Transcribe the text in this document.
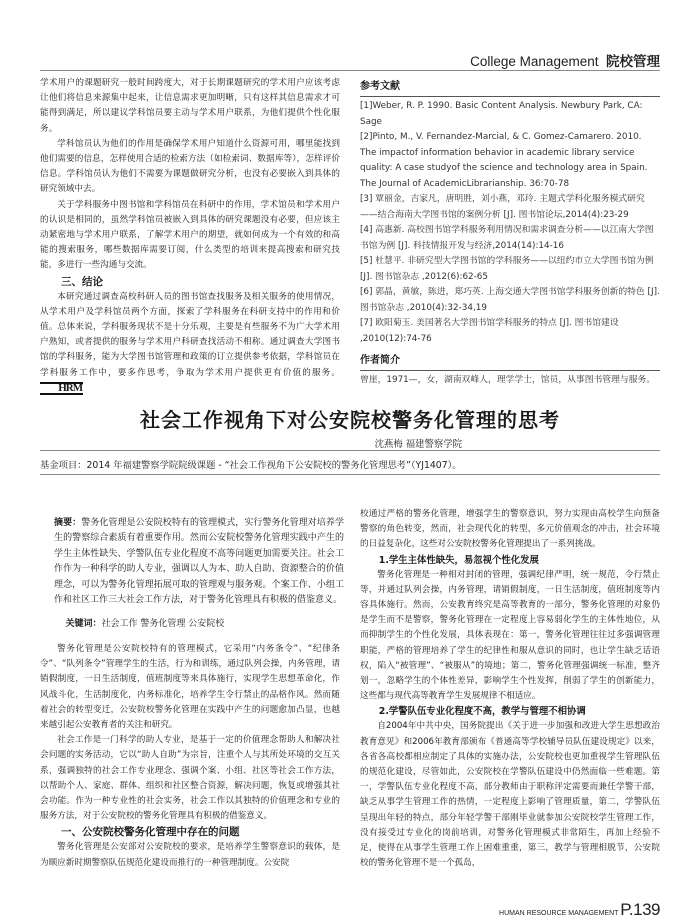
College Management 院校管理

学术用户的课题研究一般时间跨度大，对于长期课题研究的学术用户应该考虑让他们将信息来源集中起来，让信息需求更加明晰，只有这样其信息需求才可能得到满足，所以建议学科馆员要主动与学术用户联系，为他们提供个性化服务。

学科馆员认为他们的作用是确保学术用户知道什么资源可用，哪里能找到他们需要的信息，怎样使用合适的检索方法（如检索词、数据库等），怎样评价信息。学科馆员认为他们不需要为课题做研究分析，也没有必要嵌入到具体的研究领域中去。

关于学科服务中图书馆和学科馆员在科研中的作用，学术馆员和学术用户的认识是相同的，虽然学科馆员被嵌入到具体的研究课题没有必要，但应该主动紧密地与学术用户联系，了解学术用户的期望，就如何成为一个有效的和高能的搜索服务，哪些数据库需要订阅，什么类型的培训来提高搜索和研究技能，多进行一些沟通与交流。

三、结论

本研究通过调查高校科研人员的图书馆查找服务及相关服务的使用情况，从学术用户及学科馆员两个方面，探索了学科服务在科研支持中的作用和价值。总体来说，学科服务现状不是十分乐观，主要是有些服务不为广大学术用户熟知，或者提供的服务与学术用户科研查找活动不相称。通过调查大学图书馆的学科服务，能为大学图书馆管理和政策的订立提供参考依据，学科馆员在学科服务工作中，要多作思考，争取为学术用户提供更有价值的服务。 HRM

参考文献

[1]Weber, R. P. 1990. Basic Content Analysis. Newbury Park, CA: Sage

[2]Pinto, M., V. Fernandez-Marcial, & C. Gomez-Camarero. 2010. The impactof information behavior in academic library service quality: A case studyof the science and technology area in Spain. The Journal of AcademicLibrarianship. 36:70-78

[3] 覃丽金，吉家凡，唐明胜，刘小燕，邓玲. 主题式学科化服务模式研究——结合海南大学图书馆的案例分析 [J]. 图书馆论坛,2014(4):23-29

[4] 高惠新. 高校图书馆学科服务利用情况和需求调查分析——以江南大学图书馆为例 [J]. 科技情报开发与经济,2014(14):14-16

[5] 杜慧平. 非研究型大学图书馆的学科服务——以纽约市立大学图书馆为例 [J]. 图书馆杂志 ,2012(6):62-65

[6] 郭晶，黄敏，陈进，郑巧英. 上海交通大学图书馆学科服务创新的特色 [J]. 图书馆杂志 ,2010(4):32-34,19

[7] 欧阳菊玉. 美国著名大学图书馆学科服务的特点 [J]. 图书馆建设 ,2010(12):74-76

作者简介

曾崖，1971—，女，湖南双峰人，理学学士，馆员，从事图书管理与服务。
社会工作视角下对公安院校警务化管理的思考
沈燕梅 福建警察学院
基金项目：2014 年福建警察学院院级课题 - “社会工作视角下公安院校的警务化管理思考”（YJ1407）。

摘要：警务化管理是公安院校特有的管理模式，实行警务化管理对培养学生的警察综合素质有着重要作用。然而公安院校警务化管理实践中产生的学生主体性缺失、学警队伍专业化程度不高等问题更加需要关注。社会工作作为一种科学的助人专业，强调以人为本、助人自助、资源整合的价值理念，可以为警务化管理拓展可取的管理观与服务观。个案工作、小组工作和社区工作三大社会工作方法，对于警务化管理具有积极的借鉴意义。

关键词：社会工作 警务化管理 公安院校

警务化管理是公安院校特有的管理模式，它采用“内务条令”、“纪律条令”、“队列条令”管理学生的生活，行为和训练，通过队列会操，内务管理，请销假制度，一日生活制度，值班制度等来具体施行，实现学生思想革命化，作风战斗化，生活制度化，内务标准化，培养学生令行禁止的品格作风。然而随着社会的转型变迁，公安院校警务化管理在实践中产生的问题愈加凸显，也越来越引起公安教育者的关注和研究。

社会工作是一门科学的助人专业，是基于一定的价值理念帮助人和解决社会问题的实务活动，它以“助人自助”为宗旨，注重个人与其所处环境的交互关系，强调独特的社会工作专业理念、强调个案、小组、社区等社会工作方法，以帮助个人、家庭、群体、组织和社区整合资源，解决问题，恢复或增强其社会功能。作为一种专业性的社会实务，社会工作以其独特的价值理念和专业的服务方法，对于公安院校的警务化管理具有积极的借鉴意义。

一、公安院校警务化管理中存在的问题

警务化管理是公安部对公安院校的要求，是培养学生警察意识的载体，是为顺应新时期警察队伍规范化建设而推行的一种管理制度。公安院

校通过严格的警务化管理，增强学生的警察意识，努力实现由高校学生向预备警察的角色转变，然而，社会现代化的转型，多元价值观念的冲击，社会环境的日益复杂化，这些对公安院校警务化管理提出了一系列挑战。

1.学生主体性缺失，易忽视个性化发展

警务化管理是一种相对封闭的管理，强调纪律严明，统一规范，令行禁止等，并通过队列会操，内务管理，请销假制度，一日生活制度，值班制度等内容具体施行。然而，公安教育终究是高等教育的一部分，警务化管理的对象仍是学生而不是警察，警务化管理在一定程度上容易弱化学生的主体性地位，从而抑制学生的个性化发展，具体表现在：第一，警务化管理往往过多强调管理职能，严格的管理培养了学生的纪律性和服从意识的同时，也让学生缺乏话语权，陷入“被管理”、“被服从”的境地；第二，警务化管理强调统一标准，整齐划一，忽略学生的个体性差异，影响学生个性发挥，削弱了学生的创新能力，这些都与现代高等教育学生发展规律不相适应。

2.学警队伍专业化程度不高，教学与管理不相协调

自2004年中共中央，国务院提出《关于进一步加强和改进大学生思想政治教育意见》和2006年教育部颁布《普通高等学校辅导员队伍建设规定》以来，各省各高校都相应制定了具体的实施办法，公安院校也更加重视学生管理队伍的规范化建设，尽管如此，公安院校在学警队伍建设中仍然面临一些难题。第一，学警队伍专业化程度不高，部分教师由于职称评定需要而兼任学警干部，缺乏从事学生管理工作的热情，一定程度上影响了管理质量，第二，学警队伍呈现出年轻的特点，部分年轻学警干部刚毕业就参加公安院校学生管理工作，没有接受过专业化的岗前培训，对警务化管理模式非常陌生，再加上经验不足，使得在从事学生管理工作上困难重重，第三，教学与管理相脱节，公安院校的警务化管理不是一个孤岛，

HUMAN RESOURCE MANAGEMENT P.139
